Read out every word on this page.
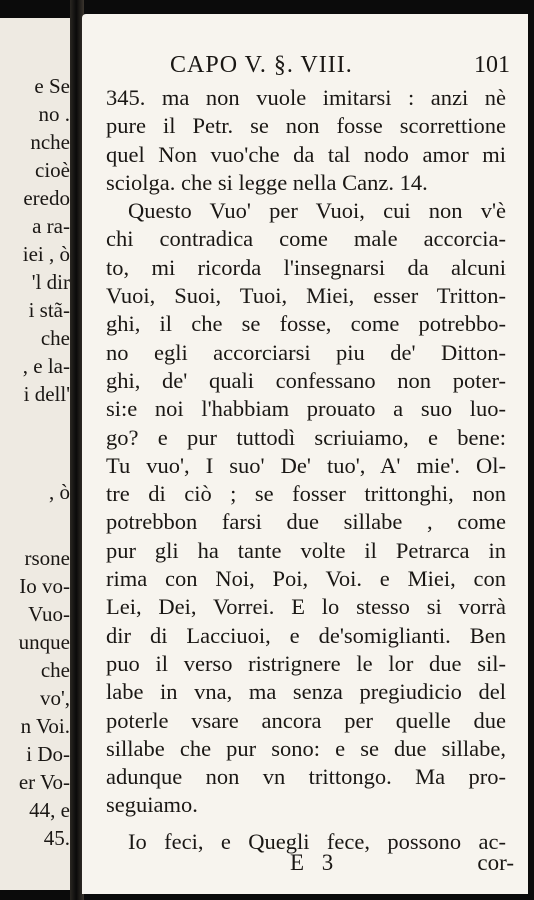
e Se
no .
nche
cioè
eredo
a ra-
iei , ò
'l dir
i stã-
che
, e la-
i dell'
, ò
rsone
Io vo-
Vuo-
unque
che
vo',
n Voi.
i Do-
er Vo-
44, e
45.
CAPO V. §. VIII.	101
345. ma non vuole imitarsi : anzi nè
pure il Petr. se non fosse scorrettione
quel Non vuo'che da tal nodo amor mi
sciolga. che si legge nella Canz. 14.
Questo Vuo' per Vuoi, cui non v'è
chi contradica come male accorcia-
to, mi ricorda l'insegnarsi da alcuni
Vuoi, Suoi, Tuoi, Miei, esser Tritton-
ghi, il che se fosse, come potrebbo-
no egli accorciarsi piu de' Ditton-
ghi, de' quali confessano non poter-
si:e noi l'habbiam prouato a suo luo-
go? e pur tuttodì scriuiamo, e bene:
Tu vuo', I suo' De' tuo', A' mie'. Ol-
tre di ciò ; se fosser trittonghi, non
potrebbon farsi due sillabe , come
pur gli ha tante volte il Petrarca in
rima con Noi, Poi, Voi. e Miei, con
Lei, Dei, Vorrei. E lo stesso si vorrà
dir di Lacciuoi, e de'somiglianti. Ben
puo il verso ristrignere le lor due sil-
labe in vna, ma senza pregiudicio del
poterle vsare ancora per quelle due
sillabe che pur sono: e se due sillabe,
adunque non vn trittongo. Ma pro-
seguiamo.
Io feci, e Quegli fece, possono ac-
E 3	cor-
